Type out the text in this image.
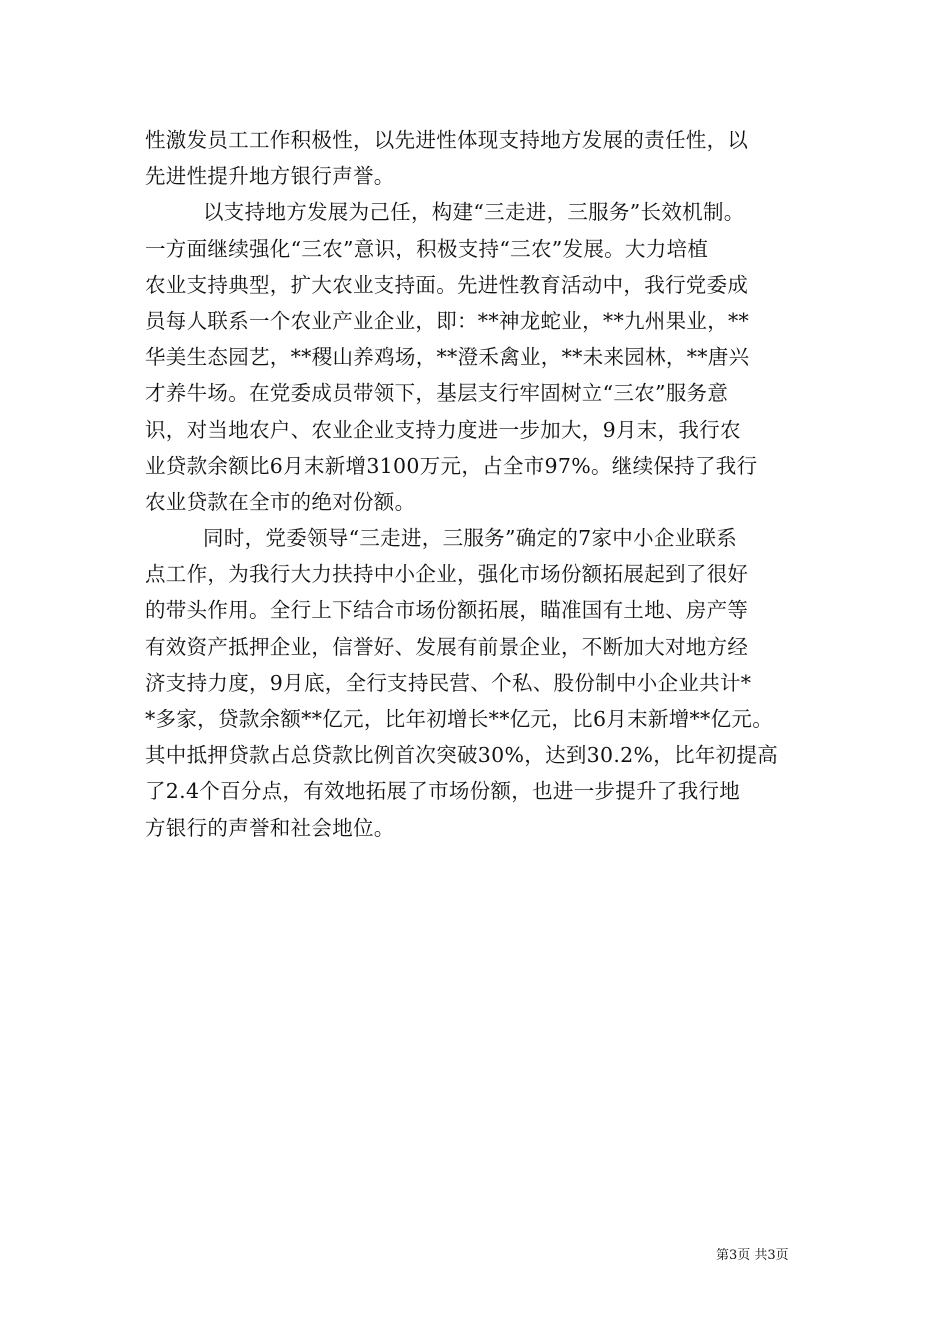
性激发员工工作积极性，以先进性体现支持地方发展的责任性，以
先进性提升地方银行声誉。
以支持地方发展为己任，构建“三走进，三服务”长效机制。
一方面继续强化“三农”意识，积极支持“三农”发展。大力培植
农业支持典型，扩大农业支持面。先进性教育活动中，我行党委成
员每人联系一个农业产业企业，即：**神龙蛇业，**九州果业，**
华美生态园艺，**稷山养鸡场，**澄禾禽业，**未来园林，**唐兴
才养牛场。在党委成员带领下，基层支行牢固树立“三农”服务意
识，对当地农户、农业企业支持力度进一步加大，9月末，我行农
业贷款余额比6月末新增3100万元，占全市97%。继续保持了我行
农业贷款在全市的绝对份额。
同时，党委领导“三走进，三服务”确定的7家中小企业联系
点工作，为我行大力扶持中小企业，强化市场份额拓展起到了很好
的带头作用。全行上下结合市场份额拓展，瞄准国有土地、房产等
有效资产抵押企业，信誉好、发展有前景企业，不断加大对地方经
济支持力度，9月底，全行支持民营、个私、股份制中小企业共计*
*多家，贷款余额**亿元，比年初增长**亿元，比6月末新增**亿元。
其中抵押贷款占总贷款比例首次突破30%，达到30.2%，比年初提高
了2.4个百分点，有效地拓展了市场份额，也进一步提升了我行地
方银行的声誉和社会地位。
第3页 共3页
